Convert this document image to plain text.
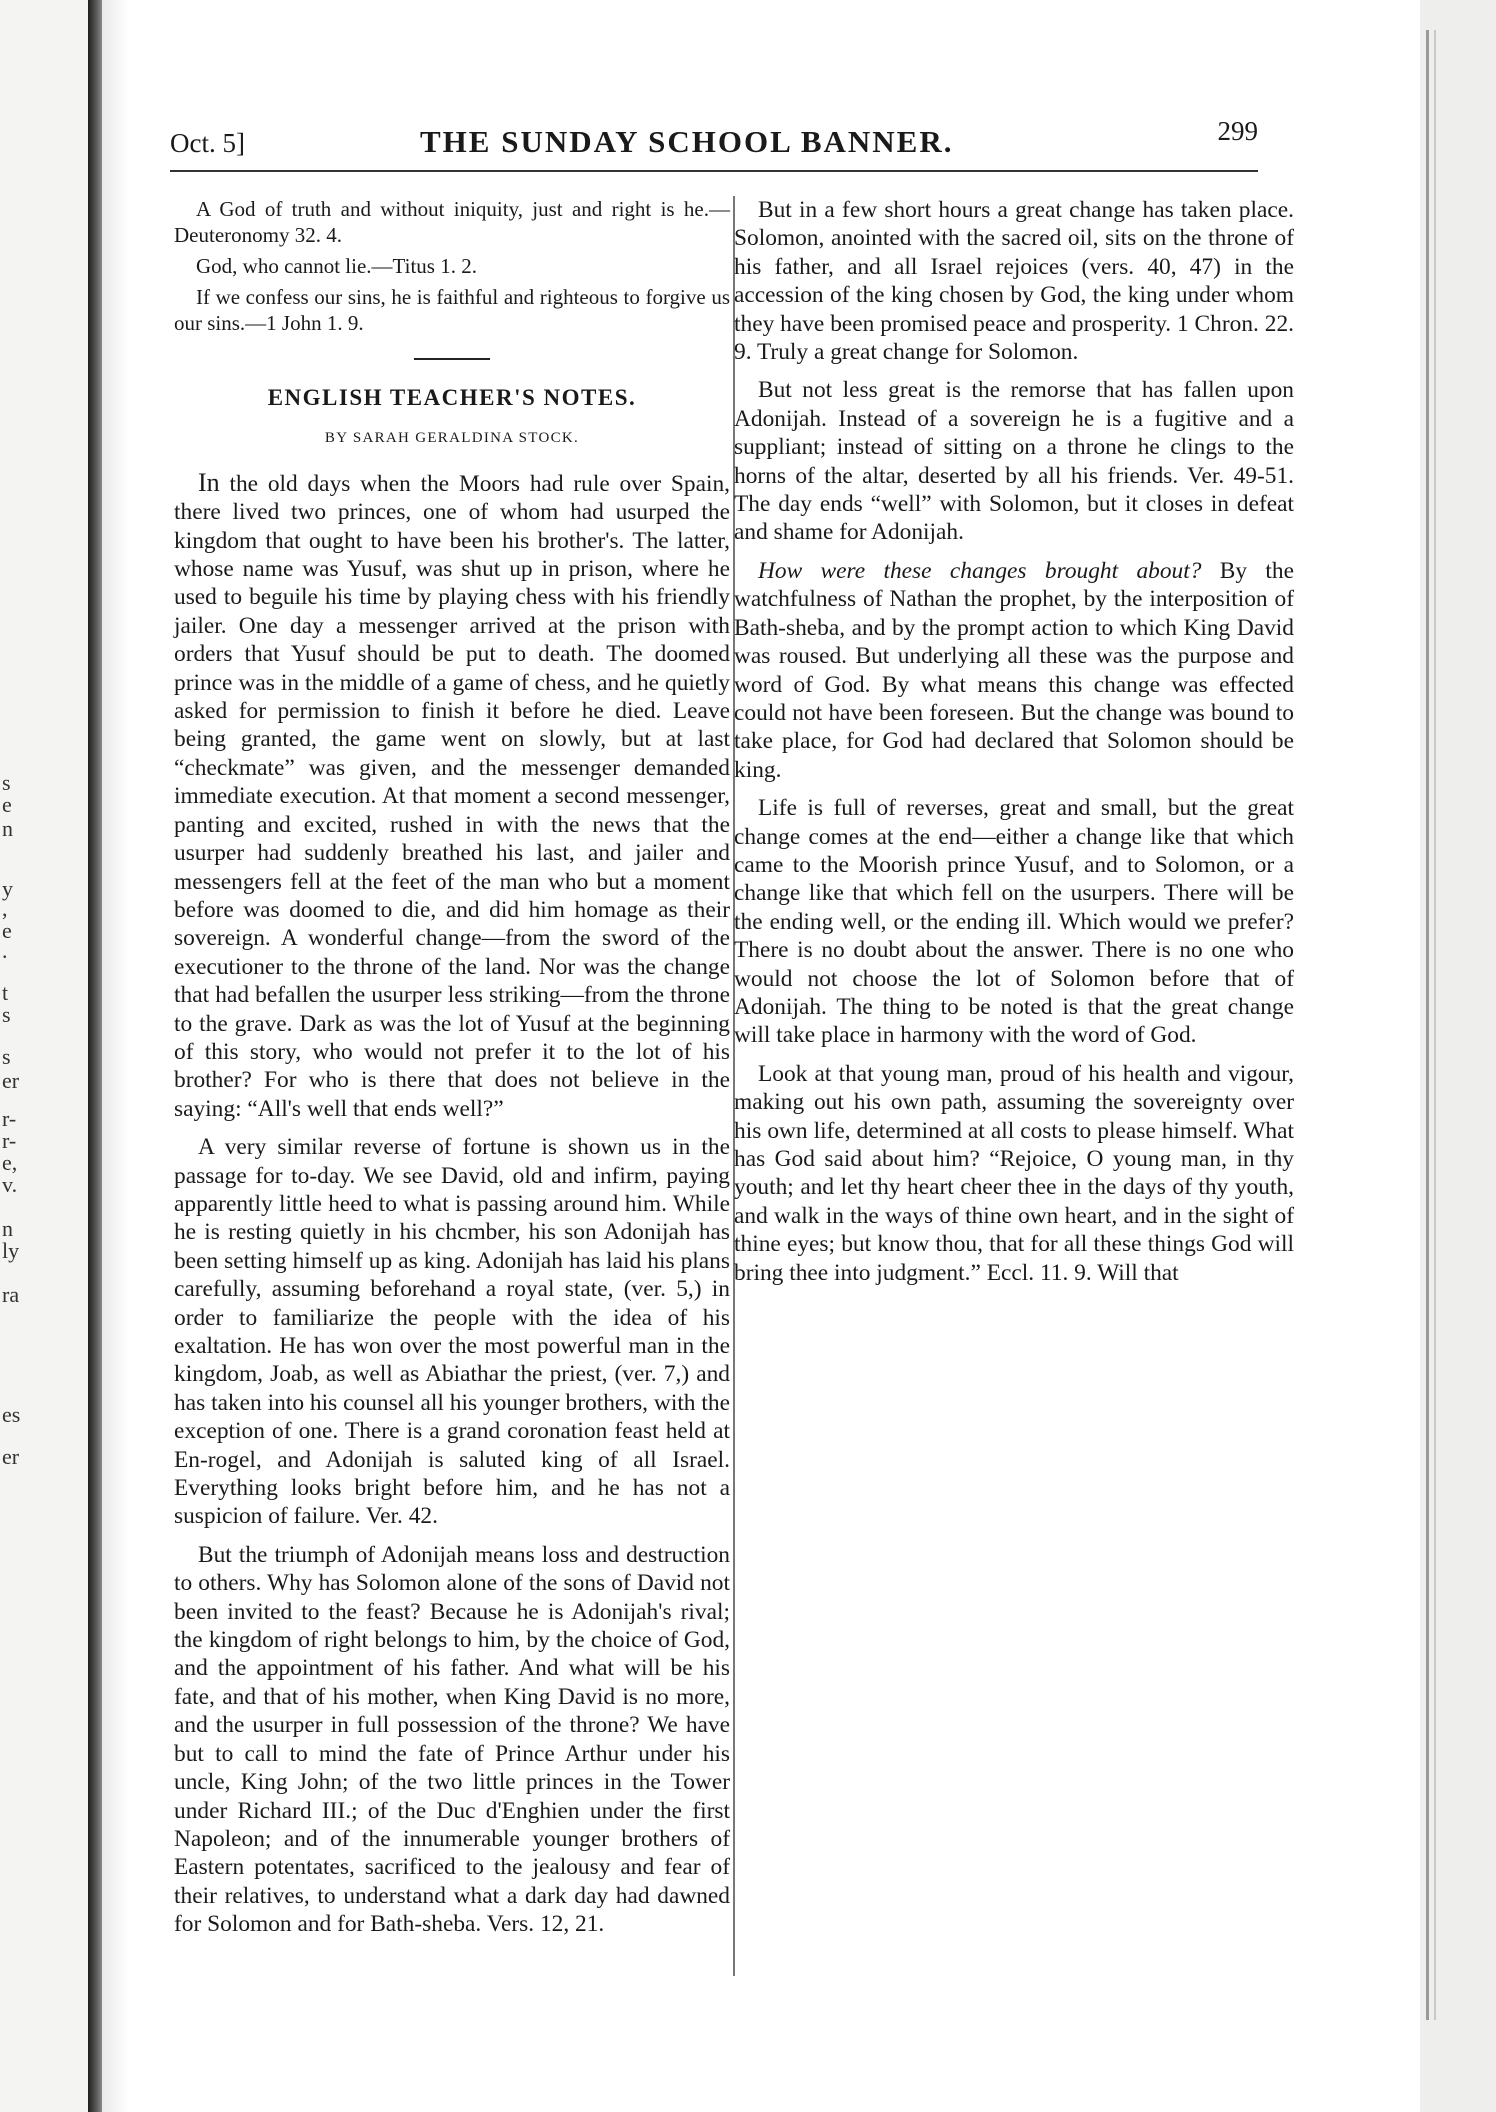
s
e
n
y
,
e
.
t
s
s
er
r-
r-
e,
v.
n
ly
ra
es
er
Oct. 5]	THE SUNDAY SCHOOL BANNER.	299

A God of truth and without iniquity, just and right is he.—Deuteronomy 32. 4.

God, who cannot lie.—Titus 1. 2.

If we confess our sins, he is faithful and righteous to forgive us our sins.—1 John 1. 9.

ENGLISH TEACHER'S NOTES.
BY SARAH GERALDINA STOCK.

In the old days when the Moors had rule over Spain, there lived two princes, one of whom had usurped the kingdom that ought to have been his brother's. The latter, whose name was Yusuf, was shut up in prison, where he used to beguile his time by playing chess with his friendly jailer. One day a messenger arrived at the prison with orders that Yusuf should be put to death. The doomed prince was in the middle of a game of chess, and he quietly asked for permission to finish it before he died. Leave being granted, the game went on slowly, but at last “checkmate” was given, and the messenger demanded immediate execution. At that moment a second messenger, panting and excited, rushed in with the news that the usurper had suddenly breathed his last, and jailer and messengers fell at the feet of the man who but a moment before was doomed to die, and did him homage as their sovereign. A wonderful change—from the sword of the executioner to the throne of the land. Nor was the change that had befallen the usurper less striking—from the throne to the grave. Dark as was the lot of Yusuf at the beginning of this story, who would not prefer it to the lot of his brother? For who is there that does not believe in the saying: “All's well that ends well?”

A very similar reverse of fortune is shown us in the passage for to-day. We see David, old and infirm, paying apparently little heed to what is passing around him. While he is resting quietly in his chcmber, his son Adonijah has been setting himself up as king. Adonijah has laid his plans carefully, assuming beforehand a royal state, (ver. 5,) in order to familiarize the people with the idea of his exaltation. He has won over the most powerful man in the kingdom, Joab, as well as Abiathar the priest, (ver. 7,) and has taken into his counsel all his younger brothers, with the exception of one. There is a grand coronation feast held at En-rogel, and Adonijah is saluted king of all Israel. Everything looks bright before him, and he has not a suspicion of failure. Ver. 42.

But the triumph of Adonijah means loss and destruction to others. Why has Solomon alone of the sons of David not been invited to the feast? Because he is Adonijah's rival; the kingdom of right belongs to him, by the choice of God, and the appointment of his father. And what will be his fate, and that of his mother, when King David is no more, and the usurper in full possession of the throne? We have but to call to mind the fate of Prince Arthur under his uncle, King John; of the two little princes in the Tower under Richard III.; of the Duc d'Enghien under the first Napoleon; and of the innumerable younger brothers of Eastern potentates, sacrificed to the jealousy and fear of their relatives, to understand what a dark day had dawned for Solomon and for Bath-sheba. Vers. 12, 21.

But in a few short hours a great change has taken place. Solomon, anointed with the sacred oil, sits on the throne of his father, and all Israel rejoices (vers. 40, 47) in the accession of the king chosen by God, the king under whom they have been promised peace and prosperity. 1 Chron. 22. 9. Truly a great change for Solomon.

But not less great is the remorse that has fallen upon Adonijah. Instead of a sovereign he is a fugitive and a suppliant; instead of sitting on a throne he clings to the horns of the altar, deserted by all his friends. Ver. 49-51. The day ends “well” with Solomon, but it closes in defeat and shame for Adonijah.

How were these changes brought about? By the watchfulness of Nathan the prophet, by the interposition of Bath-sheba, and by the prompt action to which King David was roused. But underlying all these was the purpose and word of God. By what means this change was effected could not have been foreseen. But the change was bound to take place, for God had declared that Solomon should be king.

Life is full of reverses, great and small, but the great change comes at the end—either a change like that which came to the Moorish prince Yusuf, and to Solomon, or a change like that which fell on the usurpers. There will be the ending well, or the ending ill. Which would we prefer? There is no doubt about the answer. There is no one who would not choose the lot of Solomon before that of Adonijah. The thing to be noted is that the great change will take place in harmony with the word of God.

Look at that young man, proud of his health and vigour, making out his own path, assuming the sovereignty over his own life, determined at all costs to please himself. What has God said about him? “Rejoice, O young man, in thy youth; and let thy heart cheer thee in the days of thy youth, and walk in the ways of thine own heart, and in the sight of thine eyes; but know thou, that for all these things God will bring thee into judgment.” Eccl. 11. 9. Will that
